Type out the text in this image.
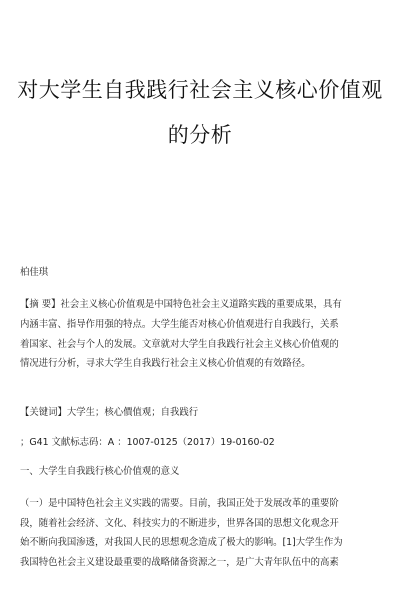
对大学生自我践行社会主义核心价值观
的分析
柏佳琪
【摘 要】社会主义核心价值观是中国特色社会主义道路实践的重要成果，具有
内涵丰富、指导作用强的特点。大学生能否对核心价值观进行自我践行，关系
着国家、社会与个人的发展。文章就对大学生自我践行社会主义核心价值观的
情况进行分析，寻求大学生自我践行社会主义核心价值观的有效路径。
【关键词】大学生；核心價值观；自我践行
；G41 文献标志码：A ：1007-0125（2017）19-0160-02
一、大学生自我践行核心价值观的意义
（一）是中国特色社会主义实践的需要。目前，我国正处于发展改革的重要阶
段，随着社会经济、文化、科技实力的不断进步，世界各国的思想文化观念开
始不断向我国渗透，对我国人民的思想观念造成了极大的影响。[1]大学生作为
我国特色社会主义建设最重要的战略储备资源之一，是广大青年队伍中的高素
